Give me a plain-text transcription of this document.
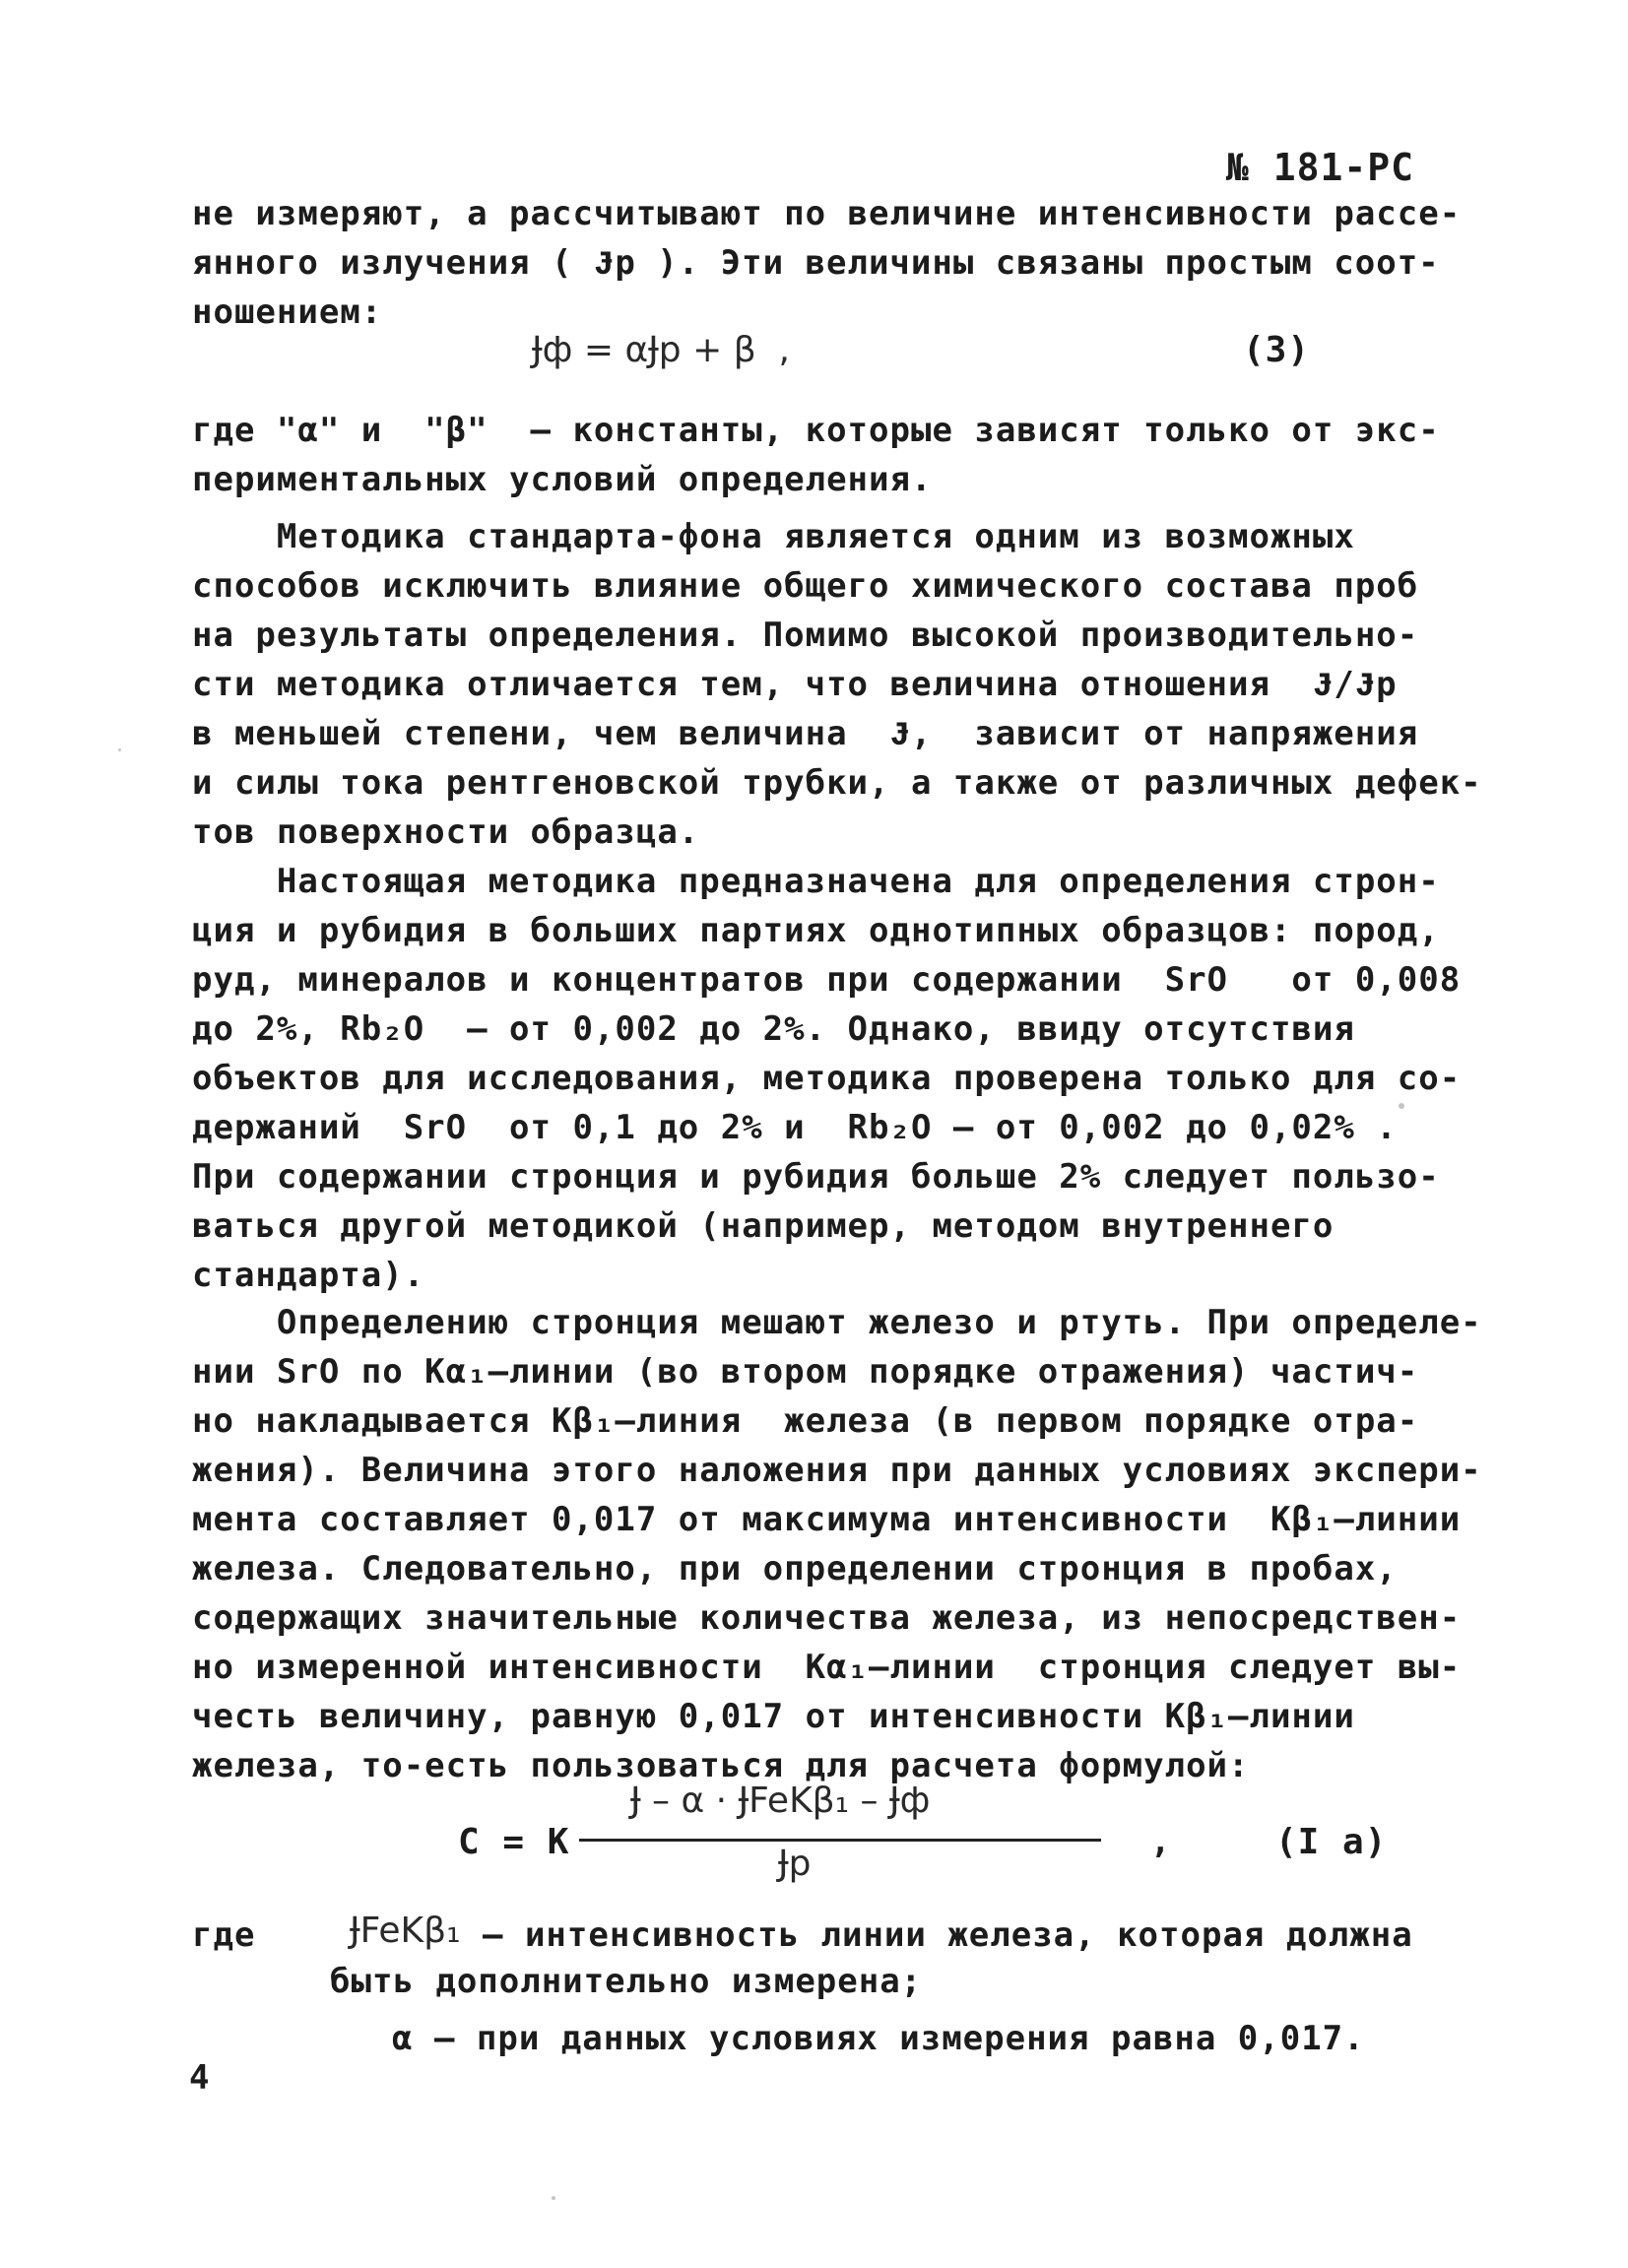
№ 181-РС
не измеряют, а рассчитывают по величине интенсивности рассе-
янного излучения ( Ɉр ). Эти величины связаны простым соот-
ношением:
Ɉф = αɈр + β  ,	(3)
где "α" и  "β"  – константы, которые зависят только от экс-
периментальных условий определения.
Методика стандарта-фона является одним из возможных
способов исключить влияние общего химического состава проб
на результаты определения. Помимо высокой производительно-
сти методика отличается тем, что величина отношения  Ɉ/Ɉр
в меньшей степени, чем величина  Ɉ,  зависит от напряжения
и силы тока рентгеновской трубки, а также от различных дефек-
тов поверхности образца.
Настоящая методика предназначена для определения строн-
ция и рубидия в больших партиях однотипных образцов: пород,
руд, минералов и концентратов при содержании  SrO   от 0,008
до 2%, Rb₂O  – от 0,002 до 2%. Однако, ввиду отсутствия
объектов для исследования, методика проверена только для со-
держаний  SrO  от 0,1 до 2% и  Rb₂O – от 0,002 до 0,02% .
При содержании стронция и рубидия больше 2% следует пользо-
ваться другой методикой (например, методом внутреннего
стандарта).
Определению стронция мешают железо и ртуть. При определе-
нии SrO по Kα₁–линии (во втором порядке отражения) частич-
но накладывается Kβ₁–линия  железа (в первом порядке отра-
жения). Величина этого наложения при данных условиях экспери-
мента составляет 0,017 от максимума интенсивности  Kβ₁–линии
железа. Следовательно, при определении стронция в пробах,
содержащих значительные количества железа, из непосредствен-
но измеренной интенсивности  Kα₁–линии  стронция следует вы-
честь величину, равную 0,017 от интенсивности Kβ₁–линии
железа, то-есть пользоваться для расчета формулой:
С = К
Ɉ – α · ɈFeKβ₁ – Ɉф
Ɉр
,	(I а)
где	ɈFeKβ₁ – интенсивность линии железа, которая должна
быть дополнительно измерена;
α – при данных условиях измерения равна 0,017.
4
